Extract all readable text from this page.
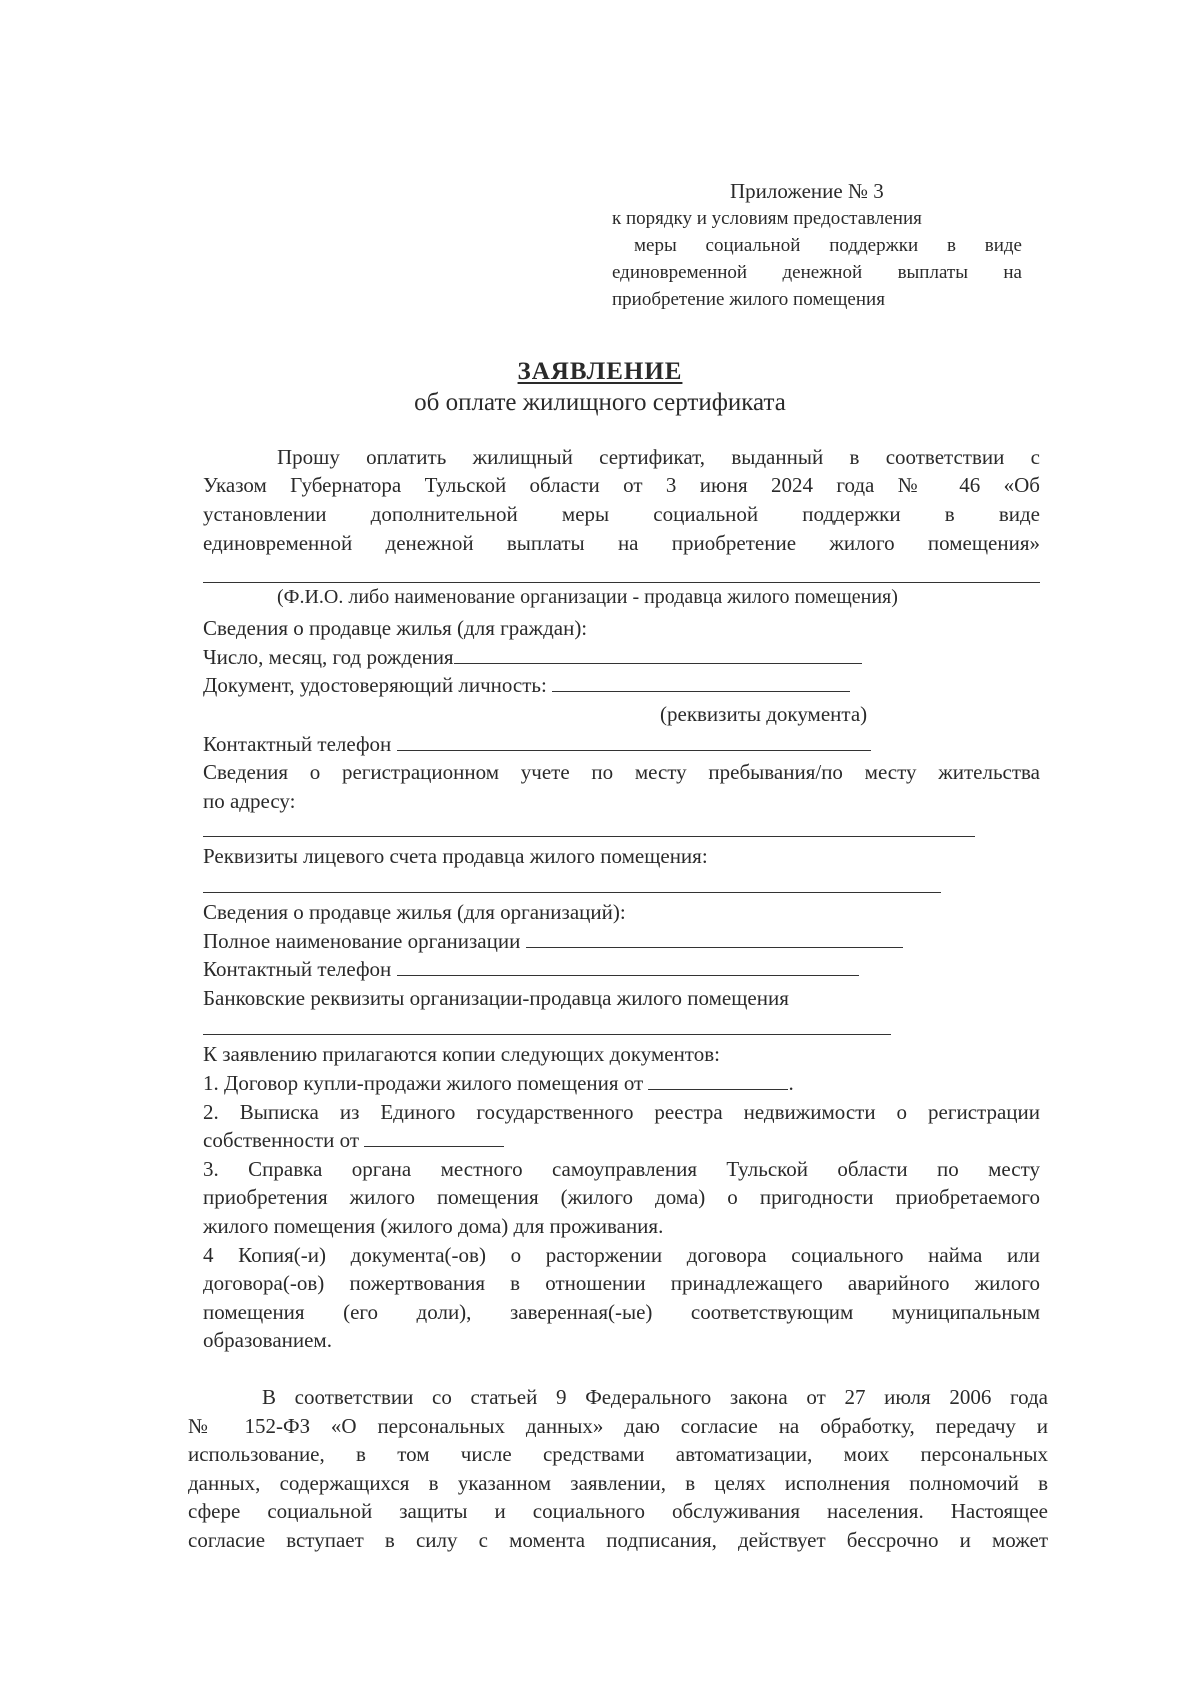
Приложение № 3
к порядку и условиям предоставления
меры социальной поддержки в виде
единовременной денежной выплаты на
приобретение жилого помещения
ЗАЯВЛЕНИЕ
об оплате жилищного сертификата
Прошу оплатить жилищный сертификат, выданный в соответствии с
Указом Губернатора Тульской области от 3 июня 2024 года № 46 «Об
установлении дополнительной меры социальной поддержки в виде
единовременной денежной выплаты на приобретение жилого помещения»
(Ф.И.О. либо наименование организации - продавца жилого помещения)
Сведения о продавце жилья (для граждан):
Число, месяц, год рождения
Документ, удостоверяющий личность:
(реквизиты документа)
Контактный телефон
Сведения о регистрационном учете по месту пребывания/по месту жительства
по адресу:
Реквизиты лицевого счета продавца жилого помещения:
Сведения о продавце жилья (для организаций):
Полное наименование организации
Контактный телефон
Банковские реквизиты организации-продавца жилого помещения
К заявлению прилагаются копии следующих документов:
1. Договор купли-продажи жилого помещения от	.
2. Выписка из Единого государственного реестра недвижимости о регистрации
собственности от
3. Справка органа местного самоуправления Тульской области по месту
приобретения жилого помещения (жилого дома) о пригодности приобретаемого
жилого помещения (жилого дома) для проживания.
4 Копия(-и) документа(-ов) о расторжении договора социального найма или
договора(-ов) пожертвования в отношении принадлежащего аварийного жилого
помещения (его доли), заверенная(-ые) соответствующим муниципальным
образованием.
В соответствии со статьей 9 Федерального закона от 27 июля 2006 года
№ 152-ФЗ «О персональных данных» даю согласие на обработку, передачу и
использование, в том числе средствами автоматизации, моих персональных
данных, содержащихся в указанном заявлении, в целях исполнения полномочий в
сфере социальной защиты и социального обслуживания населения. Настоящее
согласие вступает в силу с момента подписания, действует бессрочно и может
